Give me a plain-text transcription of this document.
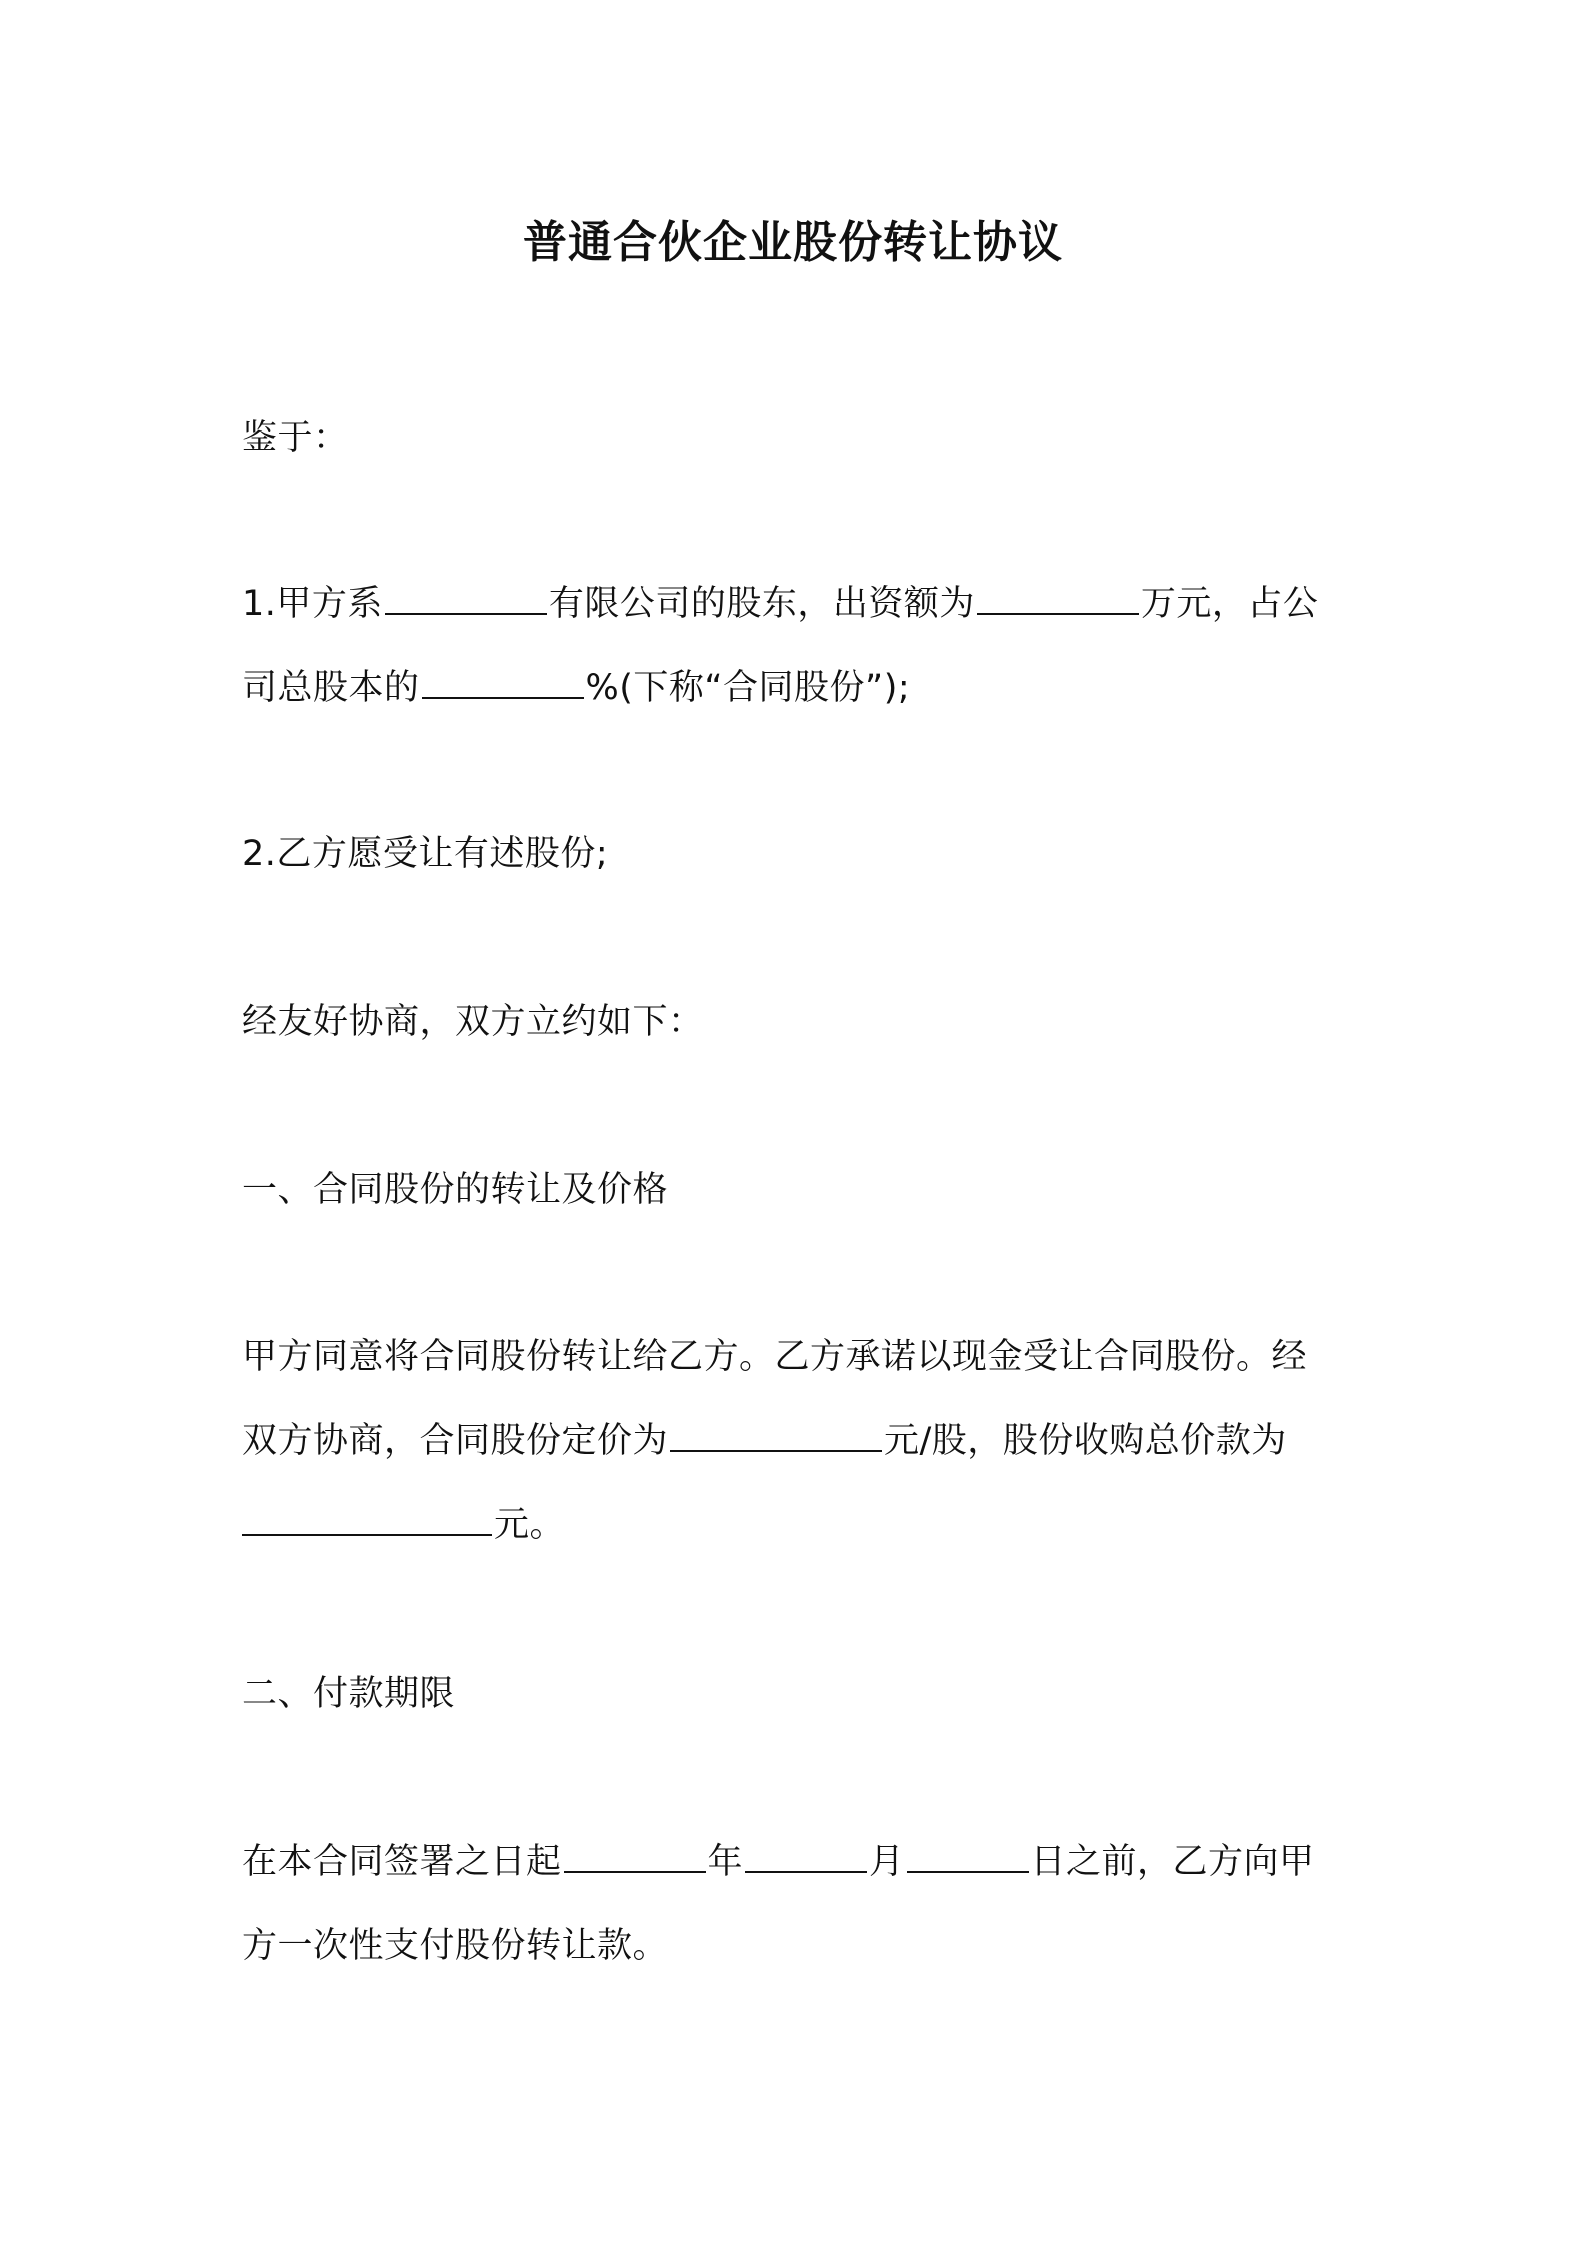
普通合伙企业股份转让协议

鉴于：

1.甲方系	有限公司的股东，出资额为	万元，占公
司总股本的	%(下称“合同股份”);

2.乙方愿受让有述股份;

经友好协商，双方立约如下：

一、合同股份的转让及价格

甲方同意将合同股份转让给乙方。乙方承诺以现金受让合同股份。经
双方协商，合同股份定价为	元/股，股份收购总价款为
元。

二、付款期限

在本合同签署之日起	年	月	日之前，乙方向甲
方一次性支付股份转让款。
